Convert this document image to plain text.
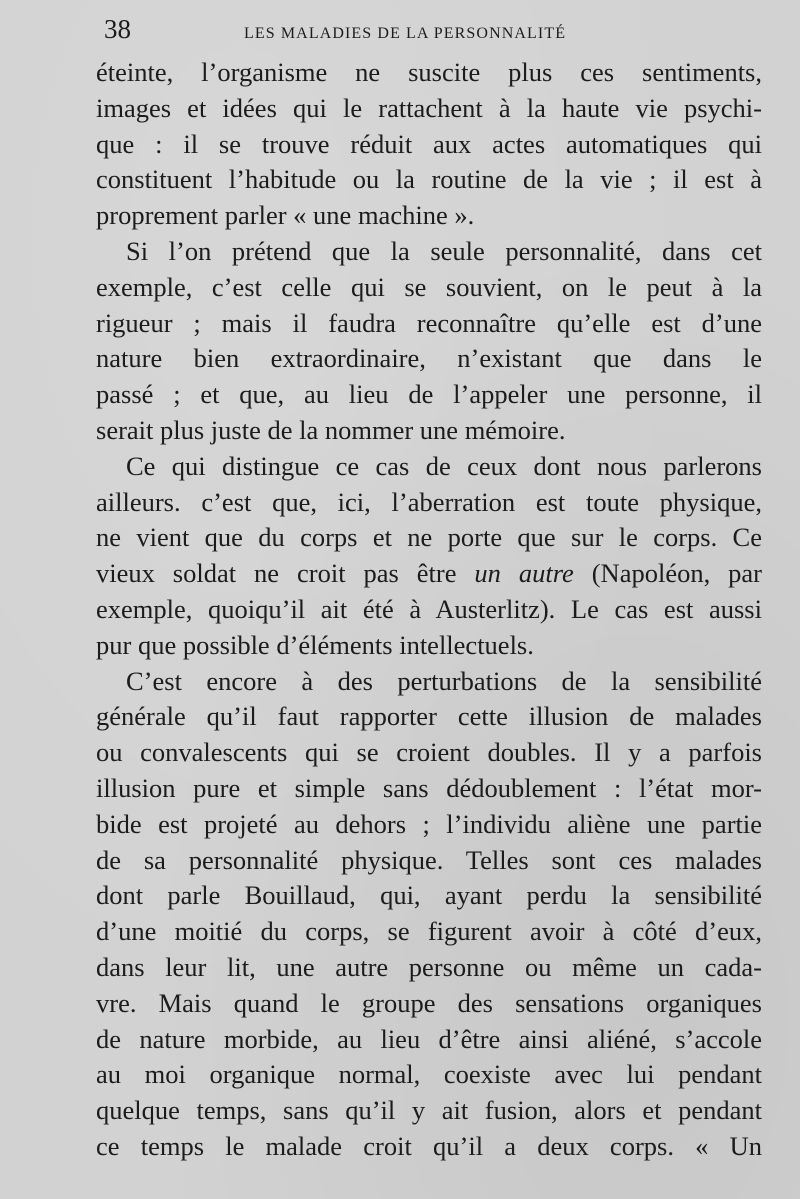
38	LES MALADIES DE LA PERSONNALITÉ
éteinte, l’organisme ne suscite plus ces sentiments,
images et idées qui le rattachent à la haute vie psychi-
que : il se trouve réduit aux actes automatiques qui
constituent l’habitude ou la routine de la vie ; il est à
proprement parler « une machine ».
Si l’on prétend que la seule personnalité, dans cet
exemple, c’est celle qui se souvient, on le peut à la
rigueur ; mais il faudra reconnaître qu’elle est d’une
nature bien extraordinaire, n’existant que dans le
passé ; et que, au lieu de l’appeler une personne, il
serait plus juste de la nommer une mémoire.
Ce qui distingue ce cas de ceux dont nous parlerons
ailleurs. c’est que, ici, l’aberration est toute physique,
ne vient que du corps et ne porte que sur le corps. Ce
vieux soldat ne croit pas être un autre (Napoléon, par
exemple, quoiqu’il ait été à Austerlitz). Le cas est aussi
pur que possible d’éléments intellectuels.
C’est encore à des perturbations de la sensibilité
générale qu’il faut rapporter cette illusion de malades
ou convalescents qui se croient doubles. Il y a parfois
illusion pure et simple sans dédoublement : l’état mor-
bide est projeté au dehors ; l’individu aliène une partie
de sa personnalité physique. Telles sont ces malades
dont parle Bouillaud, qui, ayant perdu la sensibilité
d’une moitié du corps, se figurent avoir à côté d’eux,
dans leur lit, une autre personne ou même un cada-
vre. Mais quand le groupe des sensations organiques
de nature morbide, au lieu d’être ainsi aliéné, s’accole
au moi organique normal, coexiste avec lui pendant
quelque temps, sans qu’il y ait fusion, alors et pendant
ce temps le malade croit qu’il a deux corps. « Un
